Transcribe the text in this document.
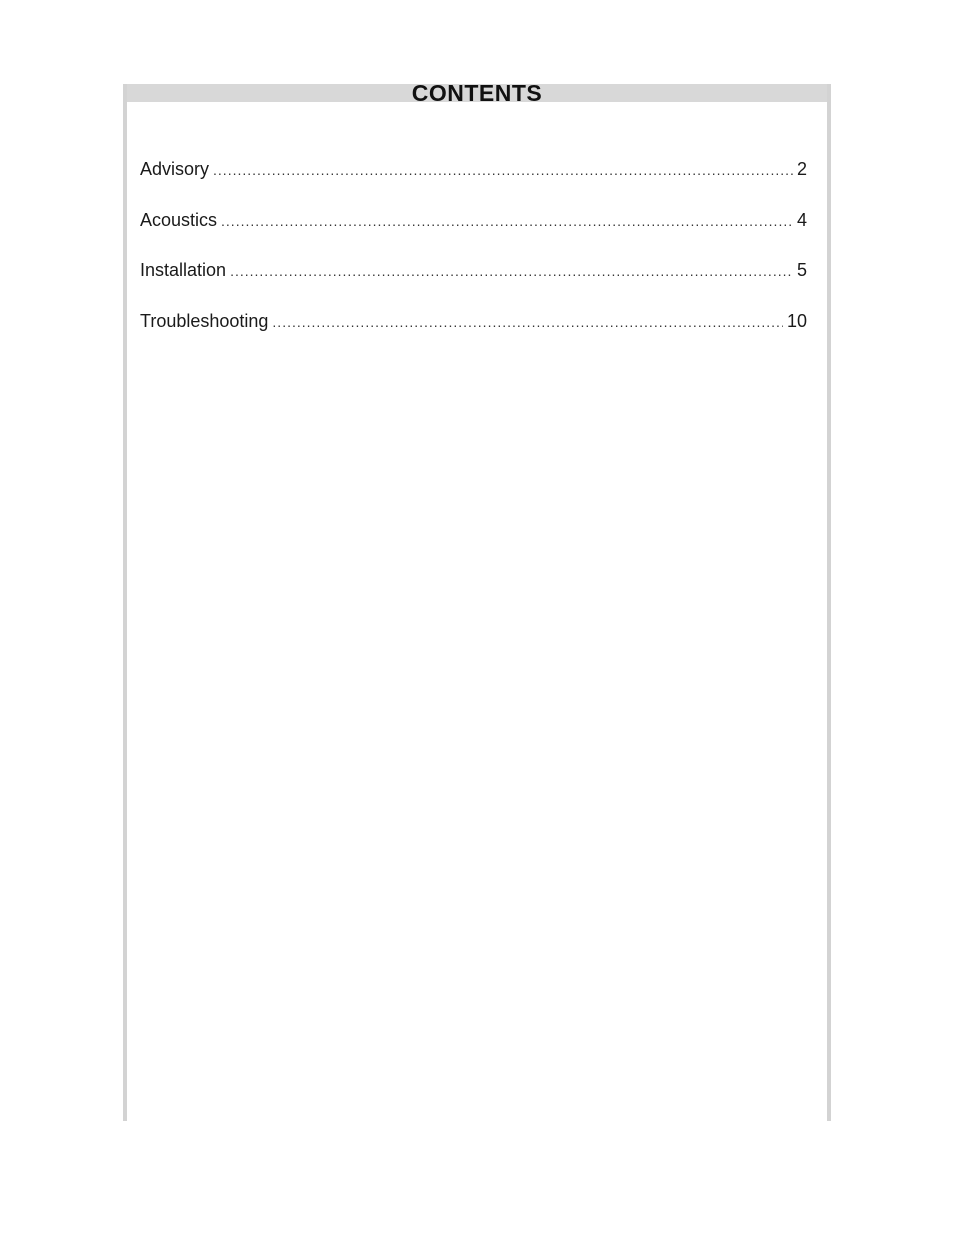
CONTENTS
Advisory .....	2
Acoustics .....	4
Installation .....	5
Troubleshooting .....	10
